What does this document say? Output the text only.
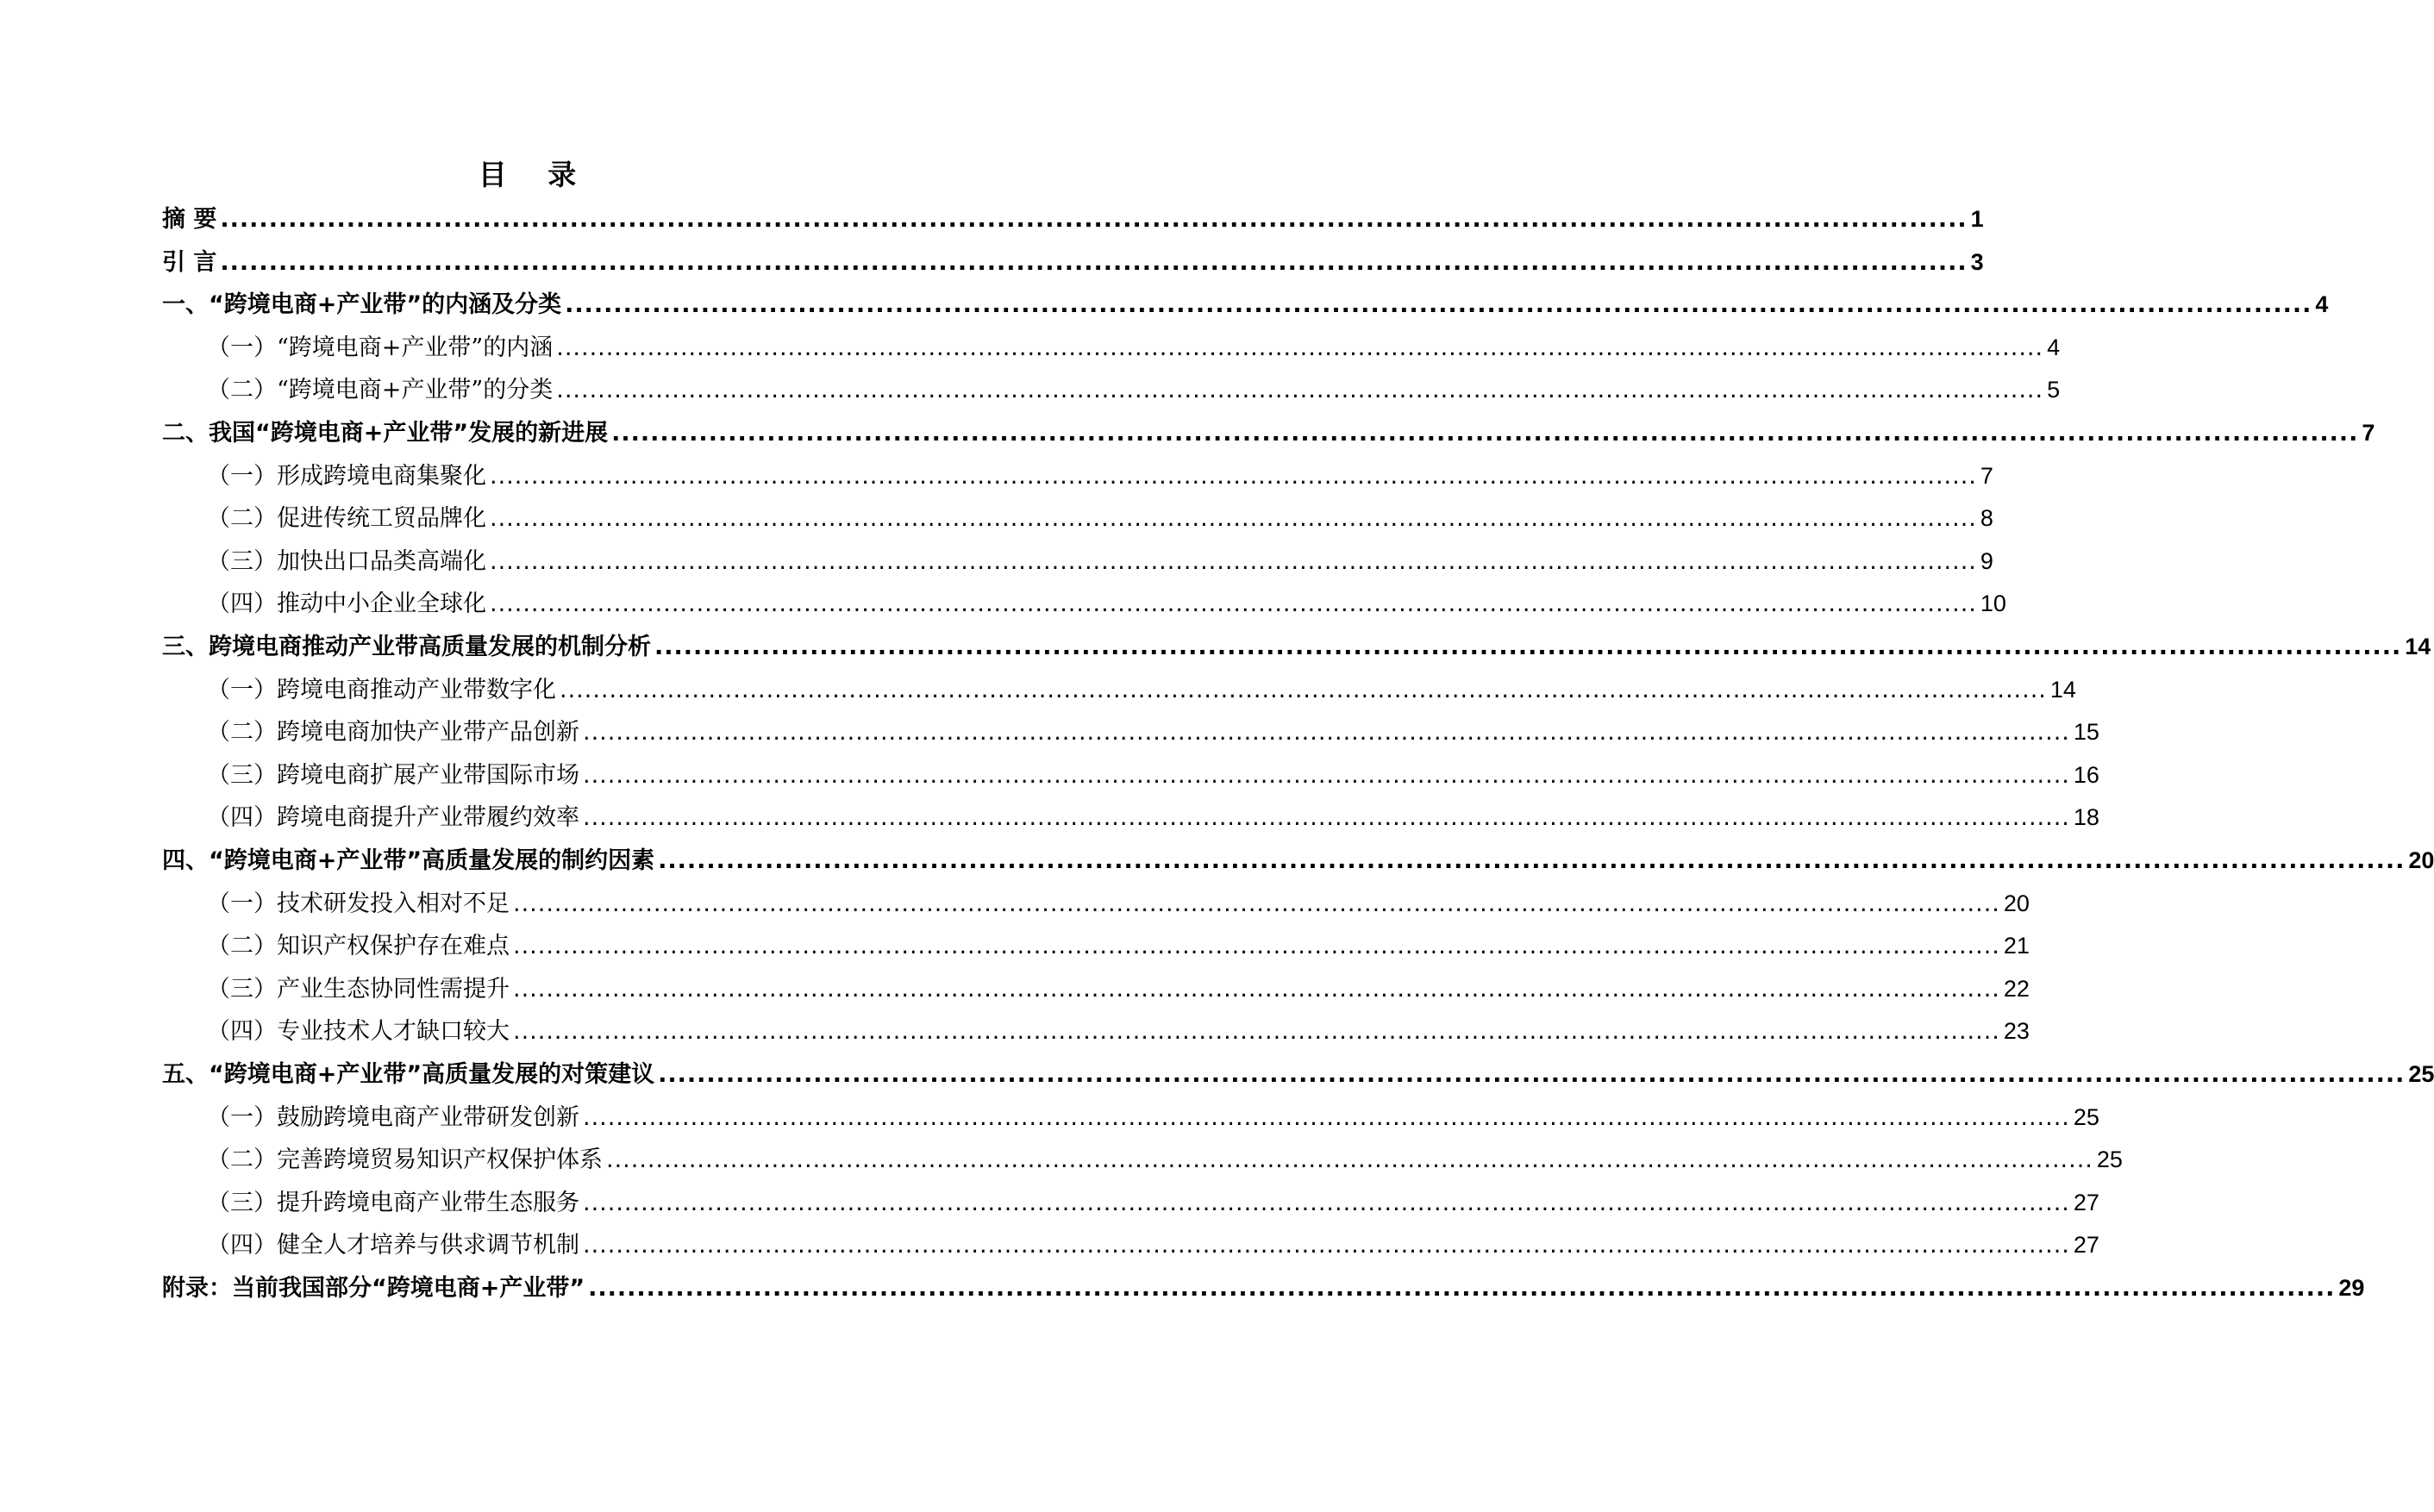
目 录
摘 要 .................................................................................................................................................................................... 1
引 言 .................................................................................................................................................................................... 3
一、“跨境电商+产业带”的内涵及分类 .................................................................................................................................................................................... 4
（一）“跨境电商+产业带”的内涵 .................................................................................................................................................................................... 4
（二）“跨境电商+产业带”的分类 .................................................................................................................................................................................... 5
二、我国“跨境电商+产业带”发展的新进展 .................................................................................................................................................................................... 7
（一）形成跨境电商集聚化 .................................................................................................................................................................................... 7
（二）促进传统工贸品牌化 .................................................................................................................................................................................... 8
（三）加快出口品类高端化 .................................................................................................................................................................................... 9
（四）推动中小企业全球化 .................................................................................................................................................................................... 10
三、跨境电商推动产业带高质量发展的机制分析 .................................................................................................................................................................................... 14
（一）跨境电商推动产业带数字化 .................................................................................................................................................................................... 14
（二）跨境电商加快产业带产品创新 .................................................................................................................................................................................... 15
（三）跨境电商扩展产业带国际市场 .................................................................................................................................................................................... 16
（四）跨境电商提升产业带履约效率 .................................................................................................................................................................................... 18
四、“跨境电商+产业带”高质量发展的制约因素 .................................................................................................................................................................................... 20
（一）技术研发投入相对不足 .................................................................................................................................................................................... 20
（二）知识产权保护存在难点 .................................................................................................................................................................................... 21
（三）产业生态协同性需提升 .................................................................................................................................................................................... 22
（四）专业技术人才缺口较大 .................................................................................................................................................................................... 23
五、“跨境电商+产业带”高质量发展的对策建议 .................................................................................................................................................................................... 25
（一）鼓励跨境电商产业带研发创新 .................................................................................................................................................................................... 25
（二）完善跨境贸易知识产权保护体系 .................................................................................................................................................................................... 25
（三）提升跨境电商产业带生态服务 .................................................................................................................................................................................... 27
（四）健全人才培养与供求调节机制 .................................................................................................................................................................................... 27
附录：当前我国部分“跨境电商+产业带” .................................................................................................................................................................................... 29
